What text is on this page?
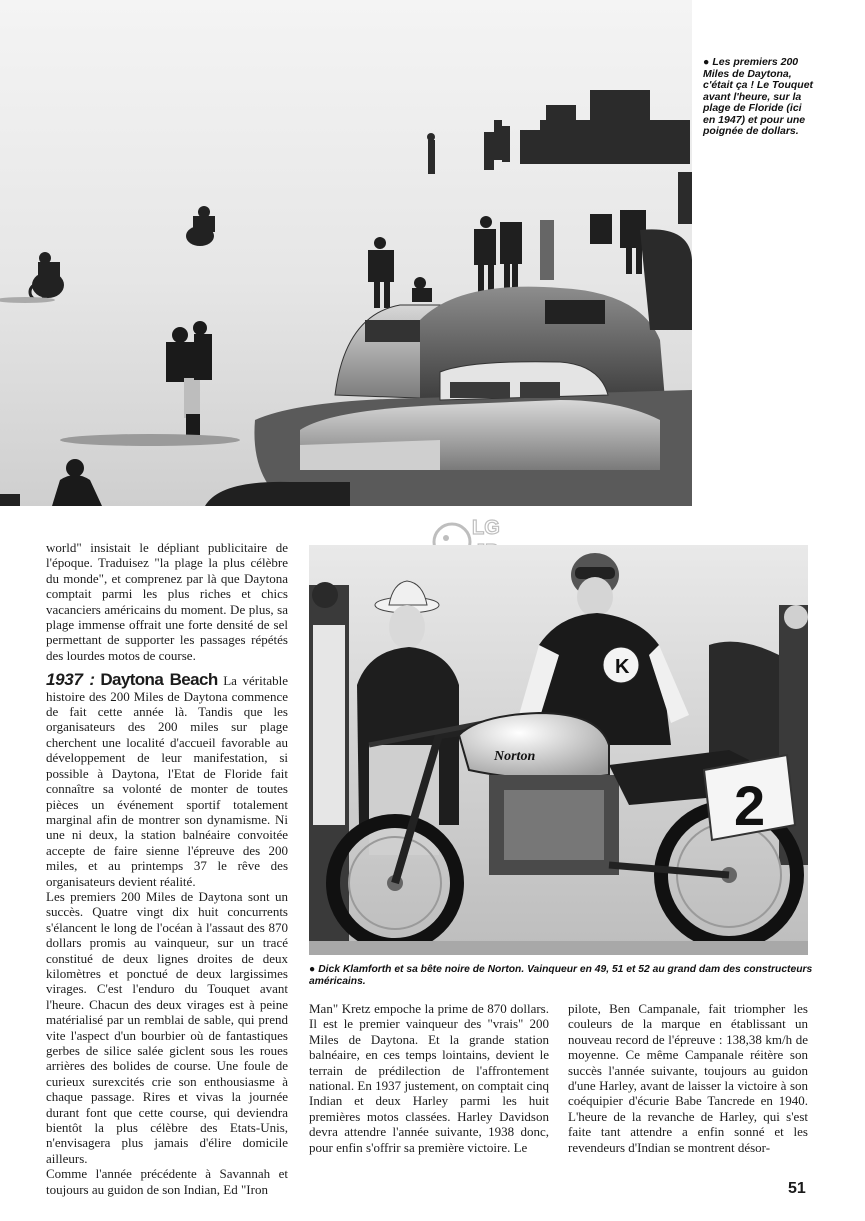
● Les premiers 200 Miles de Daytona, c'était ça ! Le Touquet avant l'heure, sur la plage de Floride (ici en 1947) et pour une poignée de dollars.
LG
K
Norton
2
● Dick Klamforth et sa bête noire de Norton. Vainqueur en 49, 51 et 52 au grand dam des constructeurs américains.

world" insistait le dépliant publicitaire de l'époque. Traduisez "la plage la plus célèbre du monde", et comprenez par là que Daytona comptait parmi les plus riches et chics vacanciers américains du moment. De plus, sa plage immense offrait une forte densité de sel permettant de supporter les passages répétés des lourdes motos de course.

1937 : Daytona Beach La véritable histoire des 200 Miles de Daytona commence de fait cette année là. Tandis que les organisateurs des 200 miles sur plage cherchent une localité d'accueil favorable au développement de leur manifestation, si possible à Daytona, l'Etat de Floride fait connaître sa volonté de monter de toutes pièces un événement sportif totalement marginal afin de montrer son dynamisme. Ni une ni deux, la station balnéaire convoitée accepte de faire sienne l'épreuve des 200 miles, et au printemps 37 le rêve des organisateurs devient réalité.

Les premiers 200 Miles de Daytona sont un succès. Quatre vingt dix huit concurrents s'élancent le long de l'océan à l'assaut des 870 dollars promis au vainqueur, sur un tracé constitué de deux lignes droites de deux kilomètres et ponctué de deux largissimes virages. C'est l'enduro du Touquet avant l'heure. Chacun des deux virages est à peine matérialisé par un remblai de sable, qui prend vite l'aspect d'un bourbier où de fantastiques gerbes de silice salée giclent sous les roues arrières des bolides de course. Une foule de curieux surexcités crie son enthousiasme à chaque passage. Rires et vivas la journée durant font que cette course, qui deviendra bientôt la plus célèbre des Etats-Unis, n'envisagera plus jamais d'élire domicile ailleurs.

Comme l'année précédente à Savannah et toujours au guidon de son Indian, Ed "Iron

Man" Kretz empoche la prime de 870 dollars. Il est le premier vainqueur des "vrais" 200 Miles de Daytona. Et la grande station balnéaire, en ces temps lointains, devient le terrain de prédilection de l'affrontement national. En 1937 justement, on comptait cinq Indian et deux Harley parmi les huit premières motos classées. Harley Davidson devra attendre l'année suivante, 1938 donc, pour enfin s'offrir sa première victoire. Le

pilote, Ben Campanale, fait triompher les couleurs de la marque en établissant un nouveau record de l'épreuve : 138,38 km/h de moyenne. Ce même Campanale réitère son succès l'année suivante, toujours au guidon d'une Harley, avant de laisser la victoire à son coéquipier d'écurie Babe Tancrede en 1940. L'heure de la revanche de Harley, qui s'est faite tant attendre a enfin sonné et les revendeurs d'Indian se montrent désor-

51
